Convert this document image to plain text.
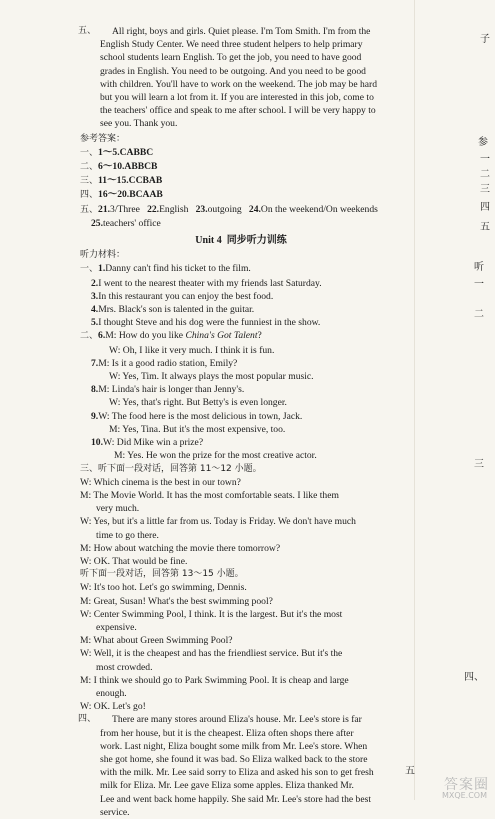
五、 All right, boys and girls. Quiet please. I'm Tom Smith. I'm from the
English Study Center. We need three student helpers to help primary
school students learn English. To get the job, you need to have good
grades in English. You need to be outgoing. And you need to be good
with children. You'll have to work on the weekend. The job may be hard
but you will learn a lot from it. If you are interested in this job, come to
the teachers' office and speak to me after school. I will be very happy to
see you. Thank you.
参考答案：
一、1～5.CABBC
二、6～10.ABBCB
三、11～15.CCBAB
四、16～20.BCAAB
五、21.3/Three 22.English 23.outgoing 24.On the weekend/On weekends
25.teachers' office
Unit 4 同步听力训练
听力材料：
一、1.Danny can't find his ticket to the film.
2.I went to the nearest theater with my friends last Saturday.
3.In this restaurant you can enjoy the best food.
4.Mrs. Black's son is talented in the guitar.
5.I thought Steve and his dog were the funniest in the show.
二、6.M: How do you like China's Got Talent?
W: Oh, I like it very much. I think it is fun.
7.M: Is it a good radio station, Emily?
W: Yes, Tim. It always plays the most popular music.
8.M: Linda's hair is longer than Jenny's.
W: Yes, that's right. But Betty's is even longer.
9.W: The food here is the most delicious in town, Jack.
M: Yes, Tina. But it's the most expensive, too.
10.W: Did Mike win a prize?
M: Yes. He won the prize for the most creative actor.
三、听下面一段对话，回答第 11～12 小题。
W: Which cinema is the best in our town?
M: The Movie World. It has the most comfortable seats. I like them
very much.
W: Yes, but it's a little far from us. Today is Friday. We don't have much
time to go there.
M: How about watching the movie there tomorrow?
W: OK. That would be fine.
听下面一段对话，回答第 13～15 小题。
W: It's too hot. Let's go swimming, Dennis.
M: Great, Susan! What's the best swimming pool?
W: Center Swimming Pool, I think. It is the largest. But it's the most
expensive.
M: What about Green Swimming Pool?
W: Well, it is the cheapest and has the friendliest service. But it's the
most crowded.
M: I think we should go to Park Swimming Pool. It is cheap and large
enough.
W: OK. Let's go!
四、 There are many stores around Eliza's house. Mr. Lee's store is far
from her house, but it is the cheapest. Eliza often shops there after
work. Last night, Eliza bought some milk from Mr. Lee's store. When
she got home, she found it was bad. So Eliza walked back to the store
with the milk. Mr. Lee said sorry to Eliza and asked his son to get fresh
milk for Eliza. Mr. Lee gave Eliza some apples. Eliza thanked Mr.
Lee and went back home happily. She said Mr. Lee's store had the best
service.
子
参
一
二
三
四
五
听
一
二
三
四、
五
答案圈
MXQE.COM
